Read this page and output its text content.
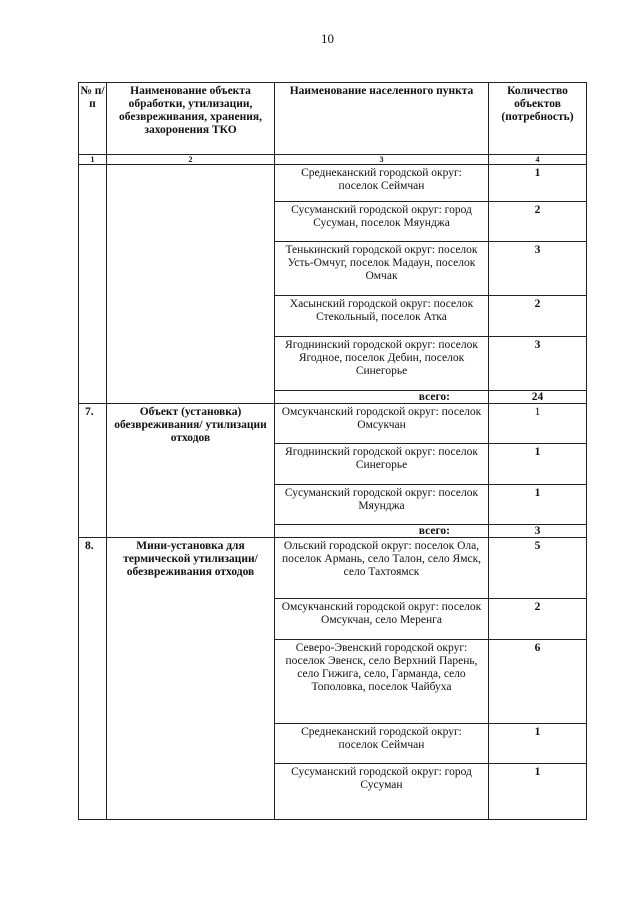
10
№ п/п	Наименование объекта обработки, утилизации, обезвреживания, хранения, захоронения ТКО	Наименование населенного пункта	Количество объектов (потребность)
1	2	3	4
		Среднеканский городской округ: поселок Сеймчан	1
		Сусуманский городской округ: город Сусуман, поселок Мяунджа	2
		Тенькинский городской округ: поселок Усть-Омчуг, поселок Мадаун, поселок Омчак	3
		Хасынский городской округ: поселок Стекольный, поселок Атка	2
		Ягоднинский городской округ: поселок Ягодное, поселок Дебин, поселок Синегорье	3
		всего:	24
7.	Объект (установка) обезвреживания/ утилизации отходов	Омсукчанский городской округ: поселок Омсукчан	1
		Ягоднинский городской округ: поселок Синегорье	1
		Сусуманский городской округ: поселок Мяунджа	1
		всего:	3
8.	Мини-установка для термической утилизации/ обезвреживания отходов	Ольский городской округ: поселок Ола, поселок Армань, село Талон, село Ямск, село Тахтоямск	5
		Омсукчанский городской округ: поселок Омсукчан, село Меренга	2
		Северо-Эвенский городской округ: поселок Эвенск, село Верхний Парень, село Гижига, село, Гарманда, село Тополовка, поселок Чайбуха	6
		Среднеканский городской округ: поселок Сеймчан	1
		Сусуманский городской округ: город Сусуман	1
